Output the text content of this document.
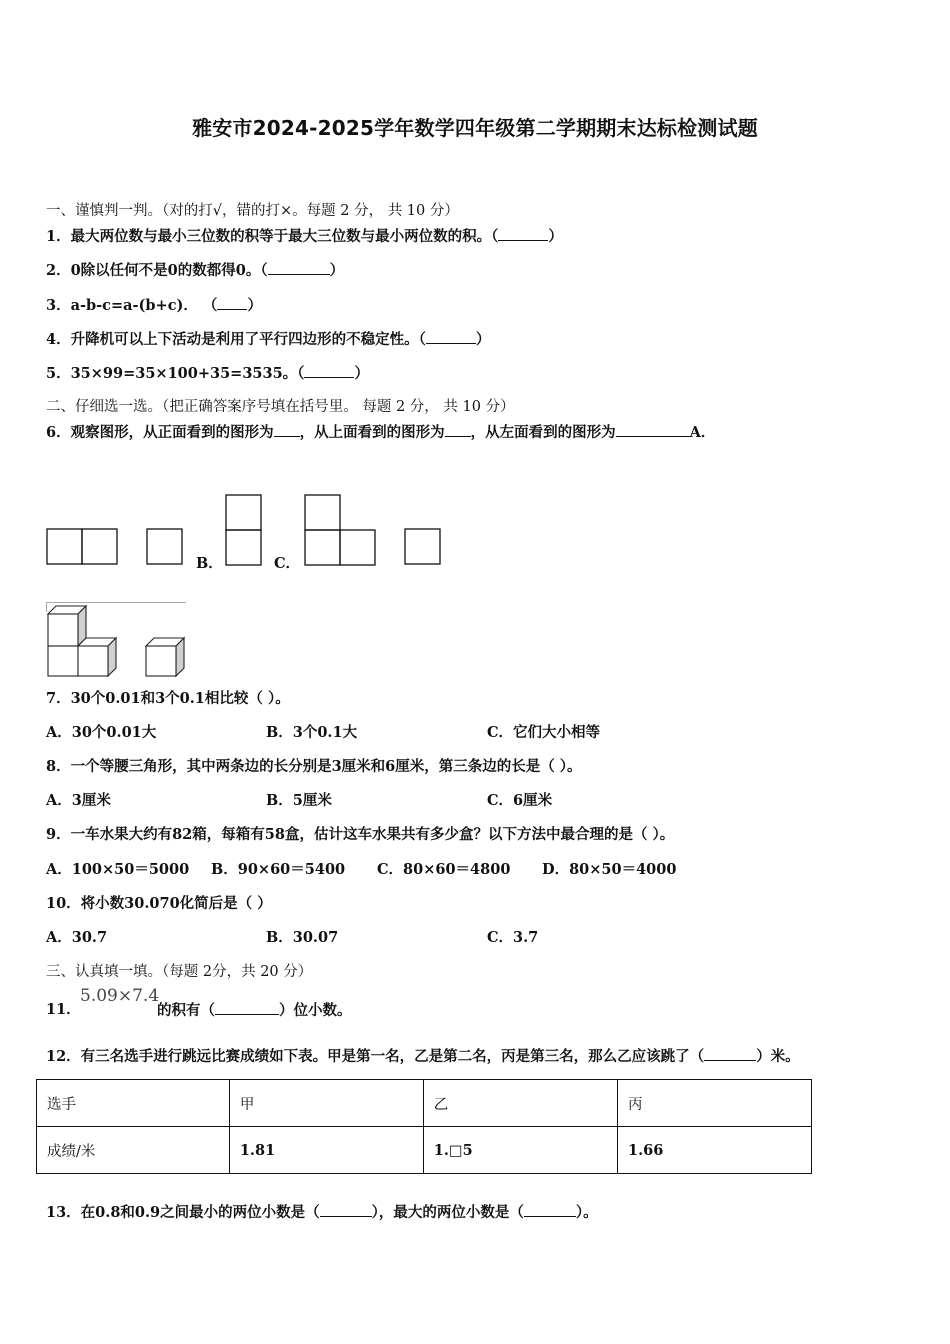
雅安市2024-2025学年数学四年级第二学期期末达标检测试题
一、谨慎判一判。（对的打√，错的打×。每题 2 分， 共 10 分）
1．最大两位数与最小三位数的积等于最大三位数与最小两位数的积。（	）
2．0除以任何不是0的数都得0。（	）
3．a-b-c=a-(b+c)． （ ）
4．升降机可以上下活动是利用了平行四边形的不稳定性。（	）
5．35×99=35×100+35=3535。（	）
二、仔细选一选。（把正确答案序号填在括号里。 每题 2 分， 共 10 分）
6．观察图形，从正面看到的图形为 ，从上面看到的图形为 ，从左面看到的图形为	A．
B．	C．
7．30个0.01和3个0.1相比较（ ）。
A．30个0.01大	B．3个0.1大	C．它们大小相等
8．一个等腰三角形，其中两条边的长分别是3厘米和6厘米，第三条边的长是（ ）。
A．3厘米	B．5厘米	C．6厘米
9．一车水果大约有82箱，每箱有58盒，估计这车水果共有多少盒？以下方法中最合理的是（ ）。
A．100×50＝5000 B．90×60＝5400 C．80×60＝4800 D．80×50＝4000
10．将小数30.070化简后是（ ）
A．30.7	B．30.07	C．3.7
三、认真填一填。（每题 2分，共 20 分）
11．
5.09×7.4
的积有（	）位小数。
12．有三名选手进行跳远比赛成绩如下表。甲是第一名，乙是第二名，丙是第三名，那么乙应该跳了（	）米。
选手	甲	乙	丙
成绩/米	1.81	1.□5	1.66
13．在0.8和0.9之间最小的两位小数是（	），最大的两位小数是（	）。
